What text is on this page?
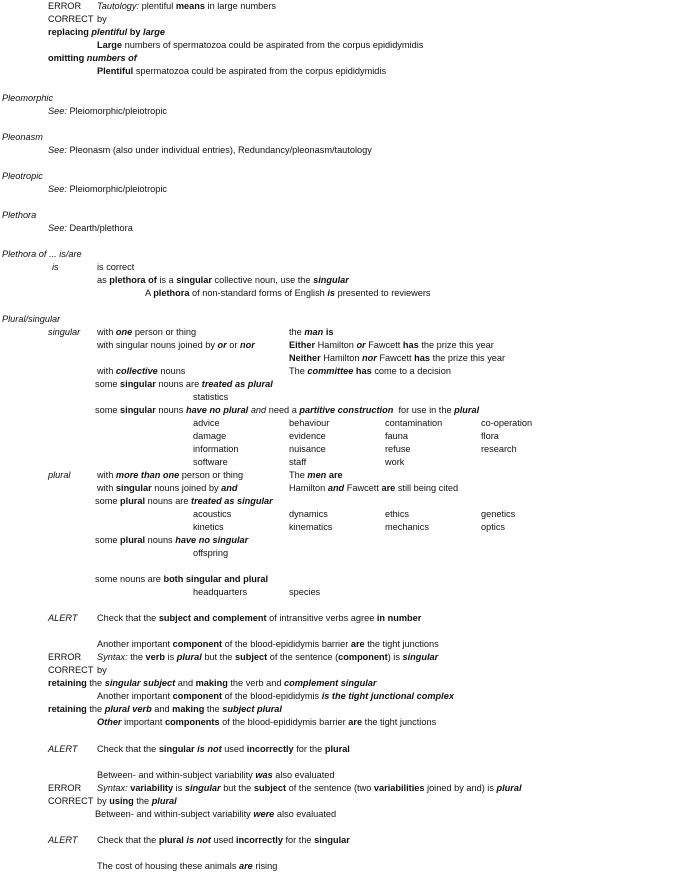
ERROR Tautology: plentiful means in large numbers
CORRECT by
replacing plentiful by large
Large numbers of spermatozoa could be aspirated from the corpus epididymidis
omitting numbers of
Plentiful spermatozoa could be aspirated from the corpus epididymidis
Pleomorphic
See: Pleiomorphic/pleiotropic
Pleonasm
See: Pleonasm (also under individual entries), Redundancy/pleonasm/tautology
Pleotropic
See: Pleiomorphic/pleiotropic
Plethora
See: Dearth/plethora
Plethora of ... is/are
is	is correct
as plethora of is a singular collective noun, use the singular
A plethora of non-standard forms of English is presented to reviewers
Plural/singular
singular with one person or thing	the man is
with singular nouns joined by or or nor	Either Hamilton or Fawcett has the prize this year
Neither Hamilton nor Fawcett has the prize this year
with collective nouns	The committee has come to a decision
some singular nouns are treated as plural
statistics
some singular nouns have no plural and need a partitive construction for use in the plural
advice	behaviour	contamination	co-operation
damage	evidence	fauna	flora
information	nuisance	refuse	research
software	staff	work
plural	with more than one person or thing	The men are
with singular nouns joined by and	Hamilton and Fawcett are still being cited
some plural nouns are treated as singular
acoustics	dynamics	ethics	genetics
kinetics	kinematics	mechanics	optics
some plural nouns have no singular
offspring
some nouns are both singular and plural
headquarters	species
ALERT Check that the subject and complement of intransitive verbs agree in number
Another important component of the blood-epididymis barrier are the tight junctions
ERROR Syntax: the verb is plural but the subject of the sentence (component) is singular
CORRECT by
retaining the singular subject and making the verb and complement singular
Another important component of the blood-epididymis is the tight junctional complex
retaining the plural verb and making the subject plural
Other important components of the blood-epididymis barrier are the tight junctions
ALERT Check that the singular is not used incorrectly for the plural
Between- and within-subject variability was also evaluated
ERROR Syntax: variability is singular but the subject of the sentence (two variabilities joined by and) is plural
CORRECT by using the plural
Between- and within-subject variability were also evaluated
ALERT Check that the plural is not used incorrectly for the singular
The cost of housing these animals are rising
